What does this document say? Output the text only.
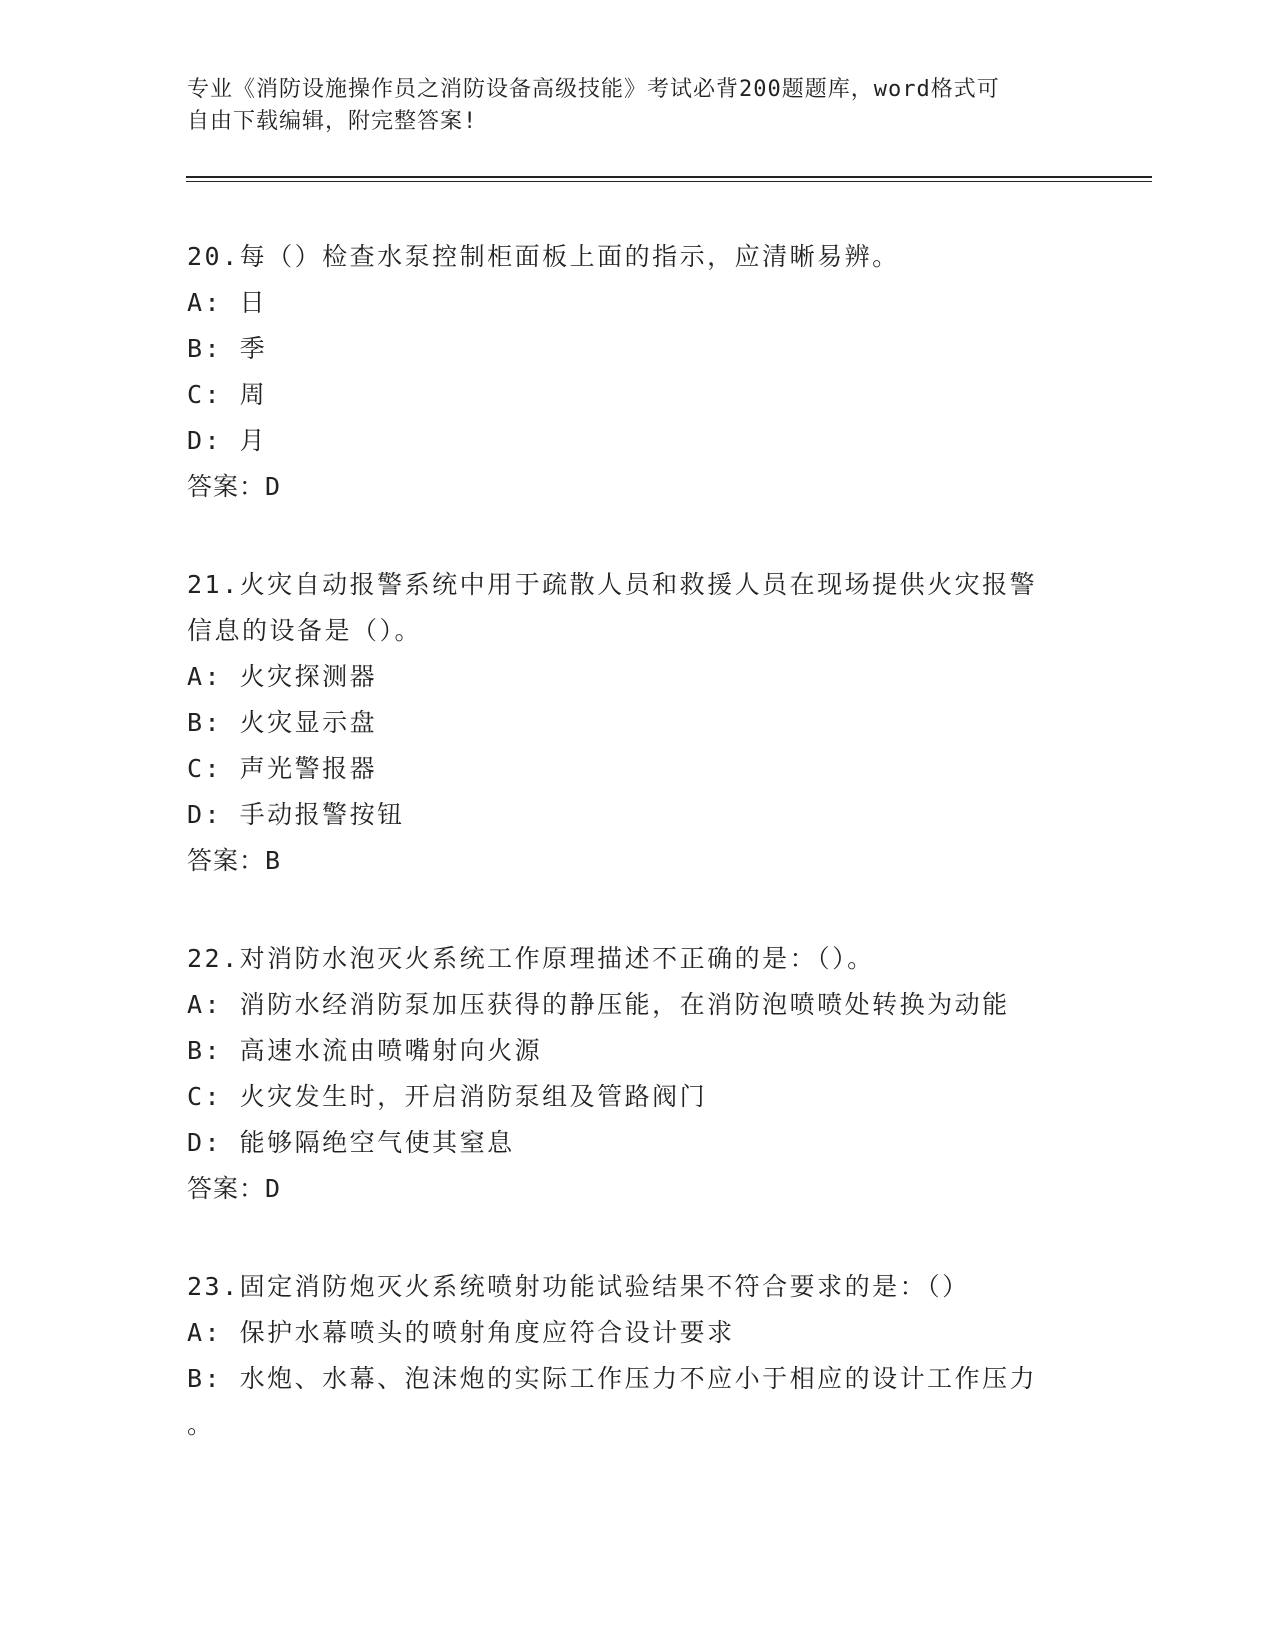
专业《消防设施操作员之消防设备高级技能》考试必背200题题库，word格式可
自由下载编辑，附完整答案!

20.每（）检查水泵控制柜面板上面的指示，应清晰易辨。

A: 日

B: 季

C: 周

D: 月

答案：D

21.火灾自动报警系统中用于疏散人员和救援人员在现场提供火灾报警

信息的设备是（）。

A: 火灾探测器

B: 火灾显示盘

C: 声光警报器

D: 手动报警按钮

答案：B

22.对消防水泡灭火系统工作原理描述不正确的是：（）。

A: 消防水经消防泵加压获得的静压能，在消防泡喷喷处转换为动能

B: 高速水流由喷嘴射向火源

C: 火灾发生时，开启消防泵组及管路阀门

D: 能够隔绝空气使其窒息

答案：D

23.固定消防炮灭火系统喷射功能试验结果不符合要求的是：（）

A: 保护水幕喷头的喷射角度应符合设计要求

B: 水炮、水幕、泡沫炮的实际工作压力不应小于相应的设计工作压力

。
